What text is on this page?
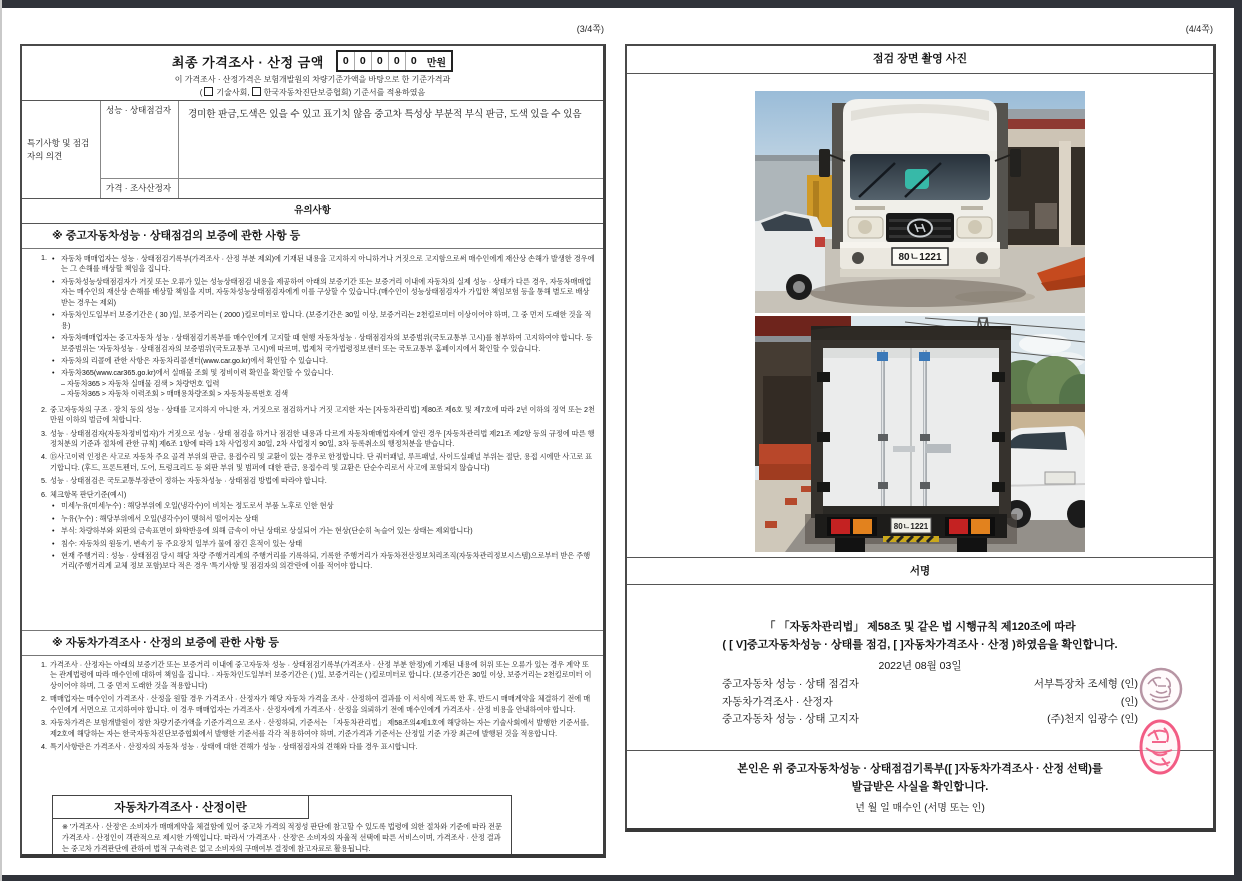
(3/4쪽)	(4/4쪽)
최종 가격조사 · 산정 금액	0	0	0	0	0	만원
이 가격조사 · 산정가격은 보험개발원의 차량기준가액을 바탕으로 한 기준가격과
( 기술사회, 한국자동차진단보증협회) 기준서를 적용하였음
특기사항 및 점검자의 의견
성능 · 상태점검자	경미한 판금,도색은 있을 수 있고 표기치 않음 중고차 특성상 부분적 부식 판금, 도색 있을 수 있음
가격 · 조사산정자
유의사항
※ 중고자동차성능 · 상태점검의 보증에 관한 사항 등
1. • 자동차 매매업자는 성능 · 상태점검기록부(가격조사 · 산정 부분 제외)에 기재된 내용을 고지하지 아니하거나 거짓으로 고지함으로써 매수인에게 재산상 손해가 발생한 경우에는 그 손해를 배상할 책임을 집니다.
• 자동차성능상태점검자가 거짓 또는 오류가 있는 성능상태점검 내용을 제공하여 아래의 보증기간 또는 보증거리 이내에 자동차의 실제 성능 · 상태가 다른 경우, 자동차매매업자는 매수인의 재산상 손해를 배상할 책임을 지며, 자동차성능상태점검자에게 이를 구상할 수 있습니다.(매수인이 성능상태점검자가 가입한 책임보험 등을 통해 별도로 배상받는 경우는 제외)
• 자동차인도일부터 보증기간은 ( 30 )일, 보증거리는 ( 2000 )킬로미터로 합니다. (보증기간은 30일 이상, 보증거리는 2천킬로미터 이상이어야 하며, 그 중 먼저 도래한 것을 적용)
• 자동차매매업자는 중고자동차 성능 · 상태점검기록부를 매수인에게 고지할 때 현행 자동차성능 · 상태점검자의 보증범위(국토교통부 고시)를 첨부하여 고지하여야 합니다. 동 보증범위는 '자동차성능 · 상태점검자의 보증범위'(국토교통부 고시)에 따르며, 법제처 국가법령정보센터 또는 국토교통부 홈페이지에서 확인할 수 있습니다.
• 자동차의 리콜에 관한 사항은 자동차리콜센터(www.car.go.kr)에서 확인할 수 있습니다.
• 자동차365(www.car365.go.kr)에서 실매물 조회 및 정비이력 확인을 확인할 수 있습니다.
– 자동차365 > 자동차 실매물 검색 > 차량번호 입력
– 자동차365 > 자동차 이력조회 > 매매용차량조회 > 자동차등록번호 검색
2. 중고자동차의 구조 · 장치 등의 성능 · 상태를 고지하지 아니한 자, 거짓으로 점검하거나 거짓 고지한 자는 [자동차관리법] 제80조 제6호 및 제7호에 따라 2년 이하의 징역 또는 2천만원 이하의 벌금에 처합니다.
3. 성능 · 상태점검자(자동차정비업자)가 거짓으로 성능 · 상태 점검을 하거나 점검한 내용과 다르게 자동차매매업자에게 알린 경우 [자동차관리법 제21조 제2항 등의 규정에 따른 행정처분의 기준과 절차에 관한 규칙] 제6조 1항에 따라 1차 사업정지 30일, 2차 사업정지 90일, 3차 등록취소의 행정처분을 받습니다.
4. ⑮사고이력 인정은 사고로 자동차 주요 골격 부위의 판금, 용접수리 및 교환이 있는 경우로 한정합니다. 단 쿼터패널, 루프패널, 사이드실패널 부위는 절단, 용접 시에만 사고로 표기합니다. (후드, 프론트펜더, 도어, 트렁크리드 등 외판 부위 및 범퍼에 대한 판금, 용접수리 및 교환은 단순수리로서 사고에 포함되지 않습니다)
5. 성능 · 상태점검은 국토교통부장관이 정하는 자동차성능 · 상태점검 방법에 따라야 합니다.
6. 체크항목 판단기준(예시)
• 미세누유(미세누수) : 해당부위에 오일(냉각수)이 비치는 정도로서 부품 노후로 인한 현상
• 누유(누수) : 해당부위에서 오일(냉각수)이 맺혀서 떨어지는 상태
• 부식: 차량하부와 외판의 금속표면이 화학반응에 의해 금속이 아닌 상태로 상실되어 가는 현상(단순히 녹슬어 있는 상태는 제외합니다)
• 침수: 자동차의 원동기, 변속기 등 주요장치 일부가 물에 잠긴 흔적이 있는 상태
• 현재 주행거리 : 성능 · 상태점검 당시 해당 차량 주행거리계의 주행거리를 기록하되, 기록한 주행거리가 자동차전산정보처리조직(자동차관리정보시스템)으로부터 받은 주행거리(주행거리계 교체 정보 포함)보다 적은 경우 '특기사항 및 점검자의 의견'란에 이를 적어야 합니다.
※ 자동차가격조사 · 산정의 보증에 관한 사항 등
1. 가격조사 · 산정자는 아래의 보증기간 또는 보증거리 이내에 중고자동차 성능 · 상태점검기록부(가격조사 · 산정 부분 한정)에 기재된 내용에 허위 또는 오류가 있는 경우 계약 또는 관계법령에 따라 매수인에 대하여 책임을 집니다. · 자동차인도일부터 보증기간은 ( )일, 보증거리는 ( )킬로미터로 합니다. (보증기간은 30일 이상, 보증거리는 2천킬로미터 이상이어야 하며, 그 중 먼저 도래한 것을 적용합니다)
2. 매매업자는 매수인이 가격조사 · 산정을 원할 경우 가격조사 · 산정자가 해당 자동차 가격을 조사 · 산정하여 결과를 이 서식에 적도록 한 후, 반드시 매매계약을 체결하기 전에 매수인에게 서면으로 고지하여야 합니다. 이 경우 매매업자는 가격조사 · 산정자에게 가격조사 · 산정을 의뢰하기 전에 매수인에게 가격조사 · 산정 비용을 안내하여야 합니다.
3. 자동차가격은 보험개발원이 정한 차량기준가액을 기준가격으로 조사 · 산정하되, 기준서는 「자동차관리법」 제58조의4제1호에 해당하는 자는 기술사회에서 발행한 기준서를, 제2호에 해당하는 자는 한국자동차진단보증협회에서 발행한 기준서를 각각 적용하여야 하며, 기준가격과 기준서는 산정일 기준 가장 최근에 발행된 것을 적용합니다.
4. 특기사항란은 가격조사 · 산정자의 자동차 성능 · 상태에 대한 견해가 성능 · 상태점검자의 견해와 다를 경우 표시합니다.
자동차가격조사 · 산정이란
※ '가격조사 · 산정'은 소비자가 매매계약을 체결함에 있어 중고차 가격의 적정성 판단에 참고할 수 있도록 법령에 의한 절차와 기준에 따라 전문 가격조사 · 산정인이 객관적으로 제시한 가액입니다. 따라서 '가격조사 · 산정'은 소비자의 자율적 선택에 따른 서비스이며, 가격조사 · 산정 결과는 중고차 가격판단에 관하여 법적 구속력은 없고 소비자의 구매여부 결정에 참고자료로 활용됩니다.
점검 장면 촬영 사진
80ㄴ1221
80ㄴ1221
서명
「 「자동차관리법」 제58조 및 같은 법 시행규칙 제120조에 따라
( [ V]중고자동차성능 · 상태를 점검, [ ]자동차가격조사 · 산정 )하였음을 확인합니다.
2022년 08월 03일
중고자동차 성능 · 상태 점검자	서부특장차 조세형 (인)
자동차가격조사 · 산정자	(인)
중고자동차 성능 · 상태 고지자	(주)천지 임광수 (인)
본인은 위 중고자동차성능 · 상태점검기록부([ ]자동차가격조사 · 산정 선택)를
발급받은 사실을 확인합니다.
년 월 일 매수인 (서명 또는 인)
